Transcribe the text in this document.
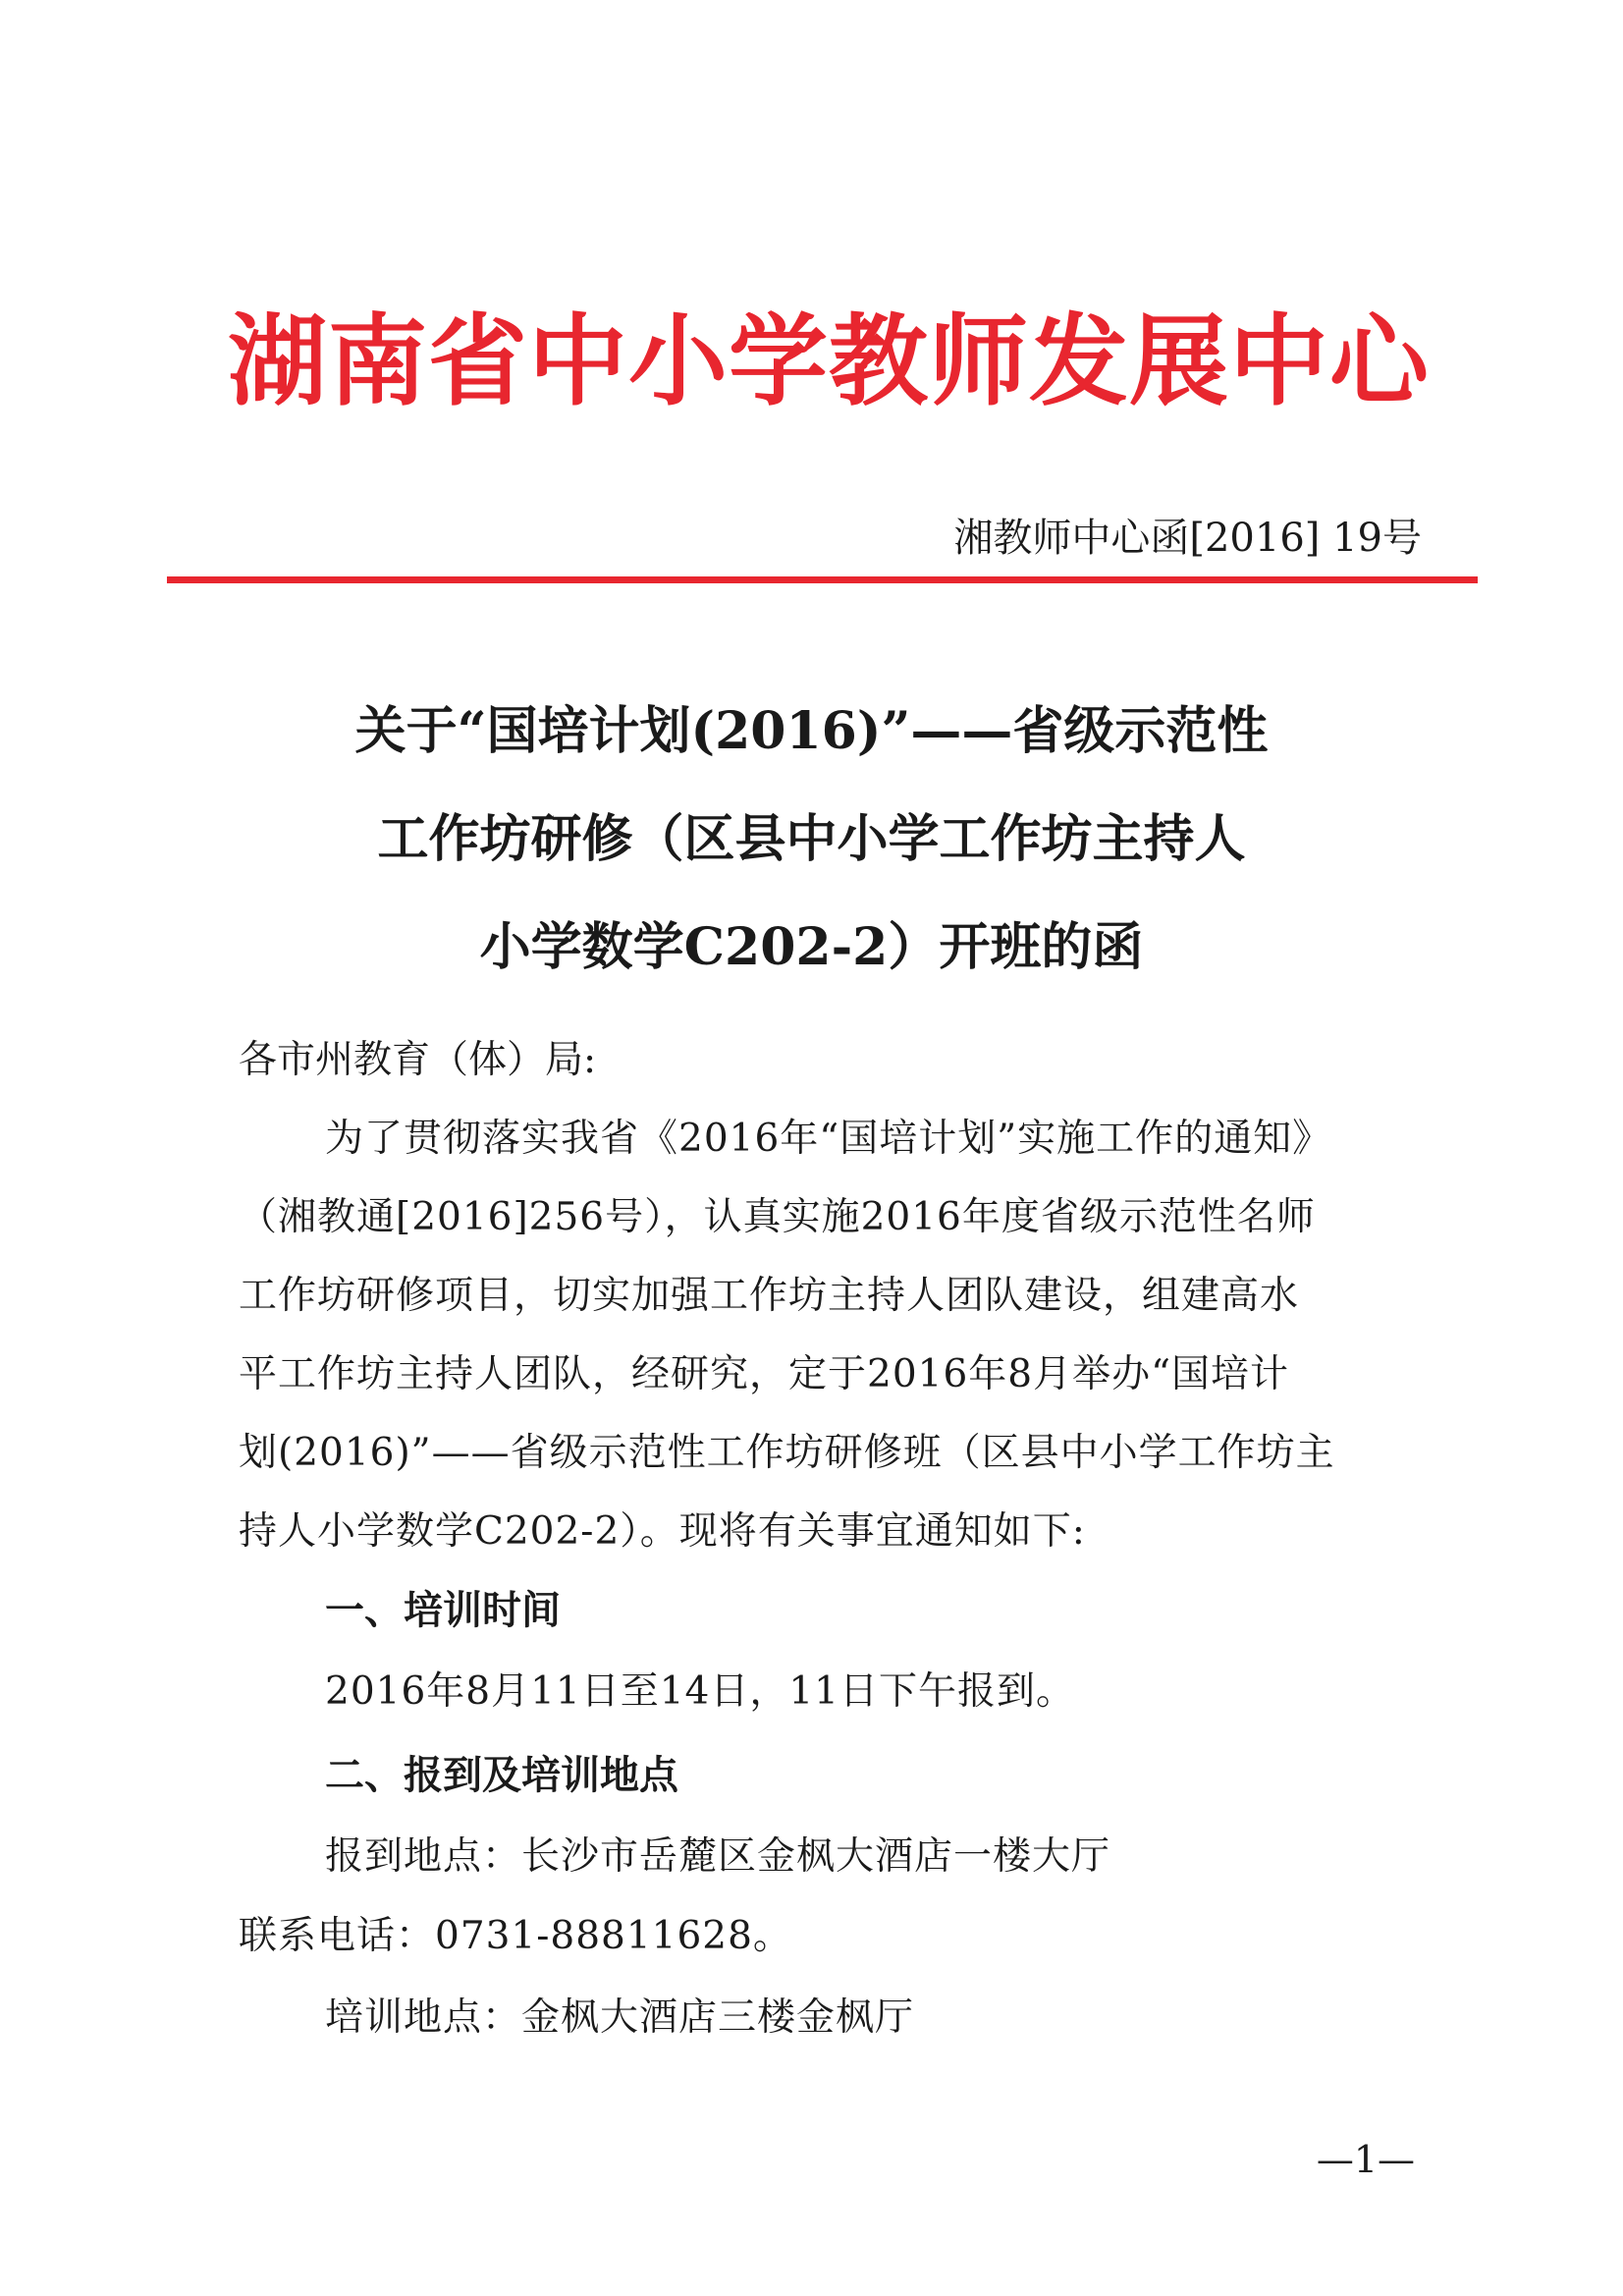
湖南省中小学教师发展中心
湘教师中心函[2016] 19号
关于“国培计划(2016)”——省级示范性
工作坊研修（区县中小学工作坊主持人
小学数学C202-2）开班的函
各市州教育（体）局:
为了贯彻落实我省《2016年“国培计划”实施工作的通知》
（湘教通[2016]256号），认真实施2016年度省级示范性名师
工作坊研修项目，切实加强工作坊主持人团队建设，组建高水
平工作坊主持人团队，经研究，定于2016年8月举办“国培计
划(2016)”——省级示范性工作坊研修班（区县中小学工作坊主
持人小学数学C202-2）。现将有关事宜通知如下:
一、培训时间
2016年8月11日至14日，11日下午报到。
二、报到及培训地点
报到地点：长沙市岳麓区金枫大酒店一楼大厅
联系电话：0731-88811628。
培训地点：金枫大酒店三楼金枫厅
—1—
